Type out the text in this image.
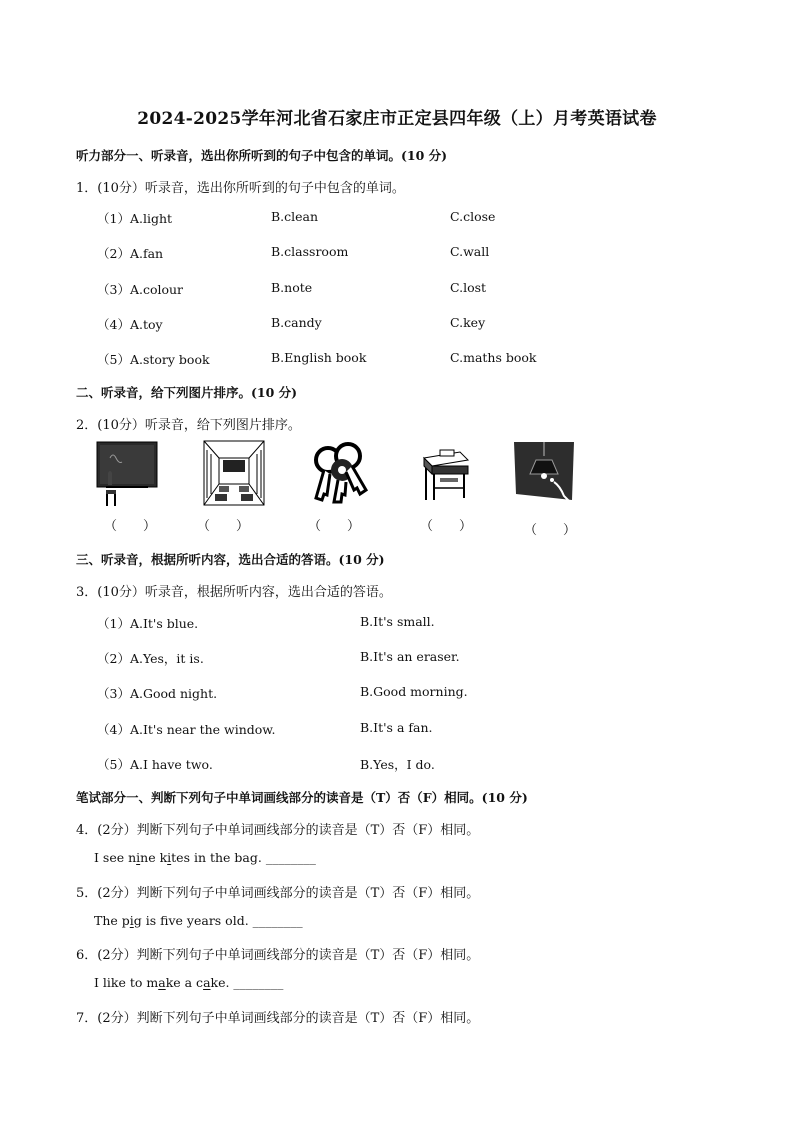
2024-2025学年河北省石家庄市正定县四年级（上）月考英语试卷
听力部分一、听录音，选出你所听到的句子中包含的单词。(10 分)
1．(10分）听录音，选出你所听到的句子中包含的单词。
（1）A.light	B.clean	C.close
（2）A.fan	B.classroom	C.wall
（3）A.colour	B.note	C.lost
（4）A.toy	B.candy	C.key
（5）A.story book	B.English book	C.maths book
二、听录音，给下列图片排序。(10 分)
2．(10分）听录音，给下列图片排序。
（　　）	（　　）	（　　）	（　　）	（　　）
三、听录音，根据所听内容，选出合适的答语。(10 分)
3．(10分）听录音，根据所听内容，选出合适的答语。
（1）A.It's blue.	B.It's small.
（2）A.Yes，it is.	B.It's an eraser.
（3）A.Good night.	B.Good morning.
（4）A.It's near the window.	B.It's a fan.
（5）A.I have two.	B.Yes，I do.
笔试部分一、判断下列句子中单词画线部分的读音是（T）否（F）相同。(10 分)
4．(2分）判断下列句子中单词画线部分的读音是（T）否（F）相同。
I see nine kites in the bag. ________
5．(2分）判断下列句子中单词画线部分的读音是（T）否（F）相同。
The pig is fve years old. ________
6．(2分）判断下列句子中单词画线部分的读音是（T）否（F）相同。
I like to make a cake. ________
7．(2分）判断下列句子中单词画线部分的读音是（T）否（F）相同。
